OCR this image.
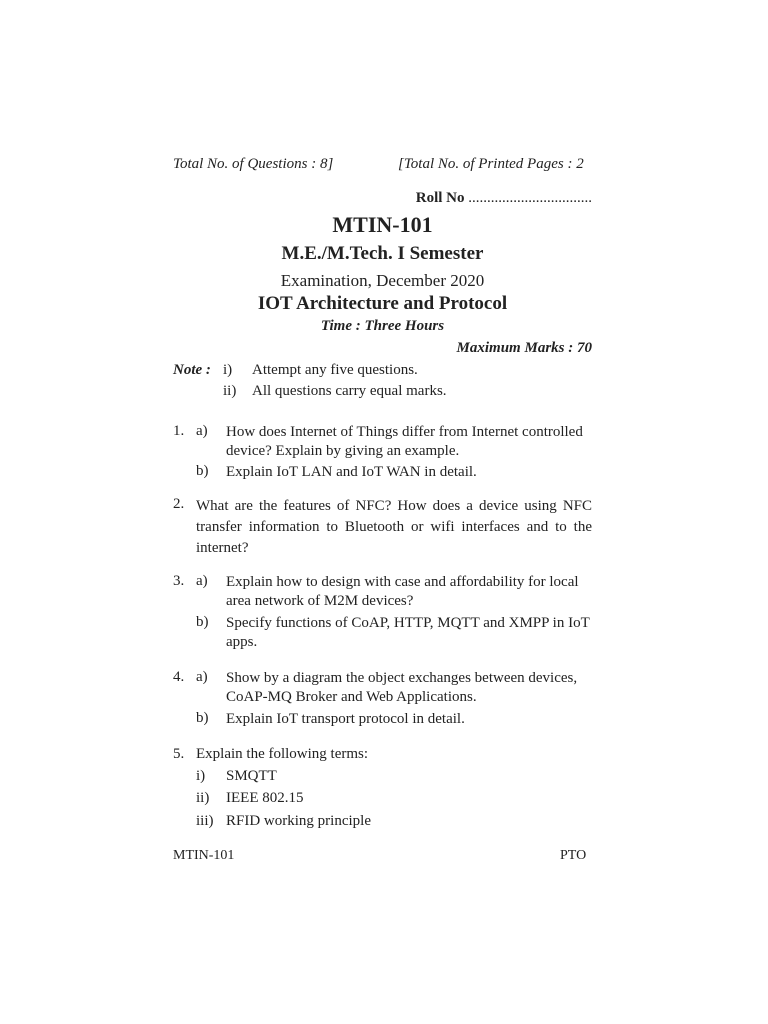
Total No. of Questions : 8]	[Total No. of Printed Pages : 2
Roll No .................................
MTIN-101
M.E./M.Tech. I Semester
Examination, December 2020
IOT Architecture and Protocol
Time : Three Hours
Maximum Marks : 70
Note : i) Attempt any five questions.
ii) All questions carry equal marks.
1. a) How does Internet of Things differ from Internet controlled device? Explain by giving an example.
b) Explain IoT LAN and IoT WAN in detail.
2. What are the features of NFC? How does a device using NFC transfer information to Bluetooth or wifi interfaces and to the internet?
3. a) Explain how to design with case and affordability for local area network of M2M devices?
b) Specify functions of CoAP, HTTP, MQTT and XMPP in IoT apps.
4. a) Show by a diagram the object exchanges between devices, CoAP-MQ Broker and Web Applications.
b) Explain IoT transport protocol in detail.
5. Explain the following terms:
i) SMQTT
ii) IEEE 802.15
iii) RFID working principle
MTIN-101	PTO
